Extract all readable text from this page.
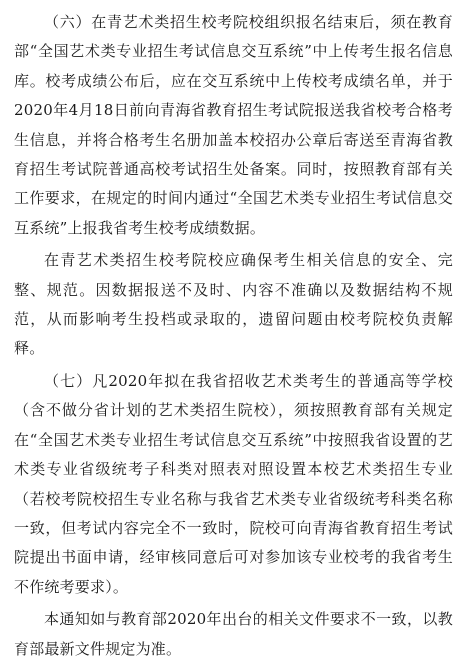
（六）在青艺术类招生校考院校组织报名结束后，须在教育部“全国艺术类专业招生考试信息交互系统”中上传考生报名信息库。校考成绩公布后，应在交互系统中上传校考成绩名单，并于2020年4月18日前向青海省教育招生考试院报送我省校考合格考生信息，并将合格考生名册加盖本校招办公章后寄送至青海省教育招生考试院普通高校考试招生处备案。同时，按照教育部有关工作要求，在规定的时间内通过“全国艺术类专业招生考试信息交互系统”上报我省考生校考成绩数据。

在青艺术类招生校考院校应确保考生相关信息的安全、完整、规范。因数据报送不及时、内容不准确以及数据结构不规范，从而影响考生投档或录取的，遗留问题由校考院校负责解释。

（七）凡2020年拟在我省招收艺术类考生的普通高等学校（含不做分省计划的艺术类招生院校），须按照教育部有关规定在“全国艺术类专业招生考试信息交互系统”中按照我省设置的艺术类专业省级统考子科类对照表对照设置本校艺术类招生专业（若校考院校招生专业名称与我省艺术类专业省级统考科类名称一致，但考试内容完全不一致时，院校可向青海省教育招生考试院提出书面申请，经审核同意后可对参加该专业校考的我省考生不作统考要求）。

本通知如与教育部2020年出台的相关文件要求不一致，以教育部最新文件规定为准。
